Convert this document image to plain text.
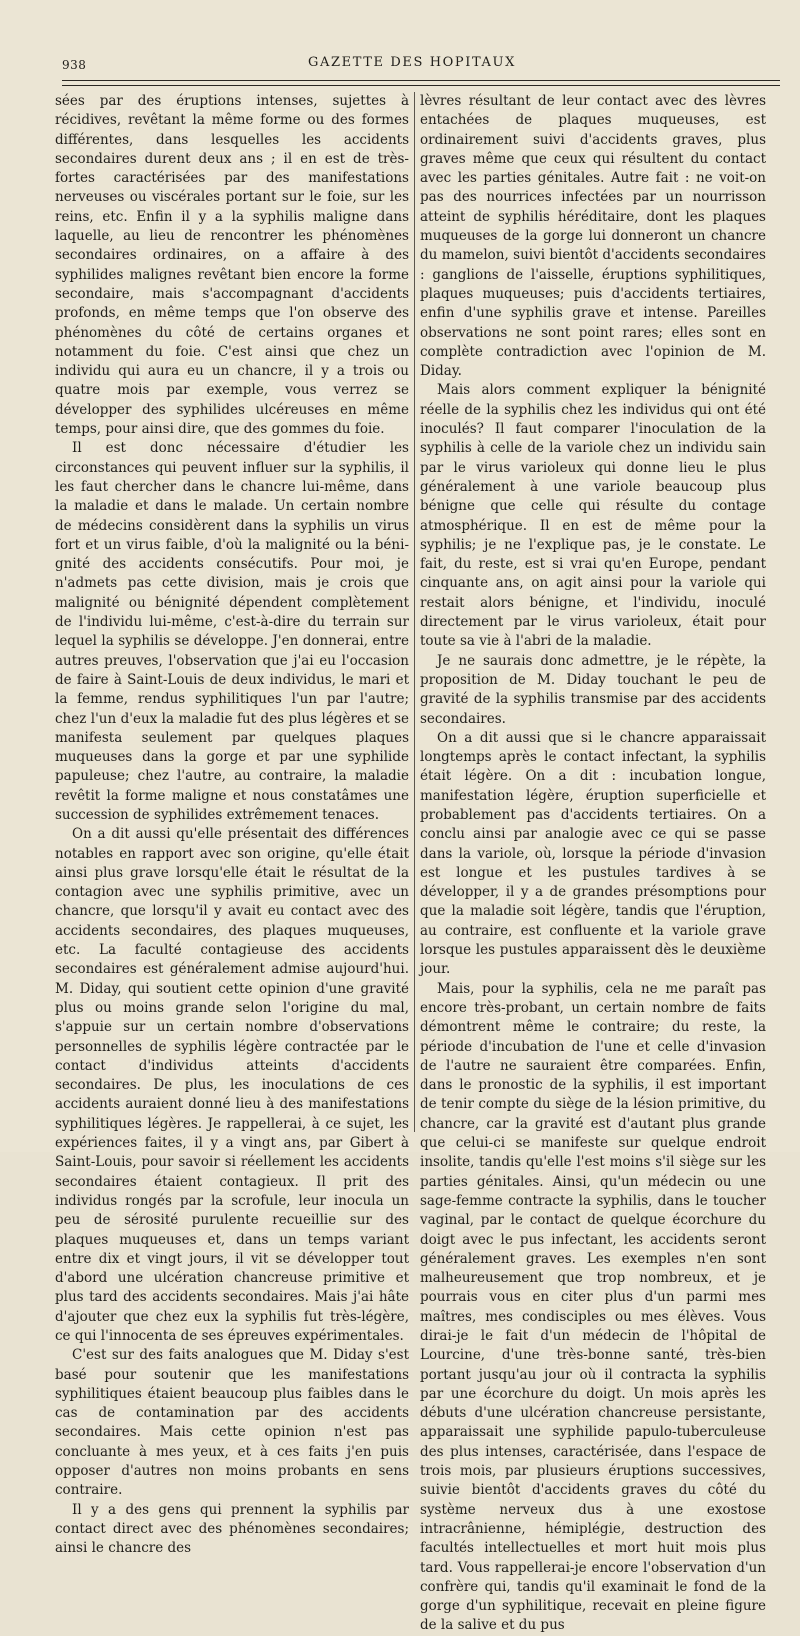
938	GAZETTE DES HOPITAUX

sées par des éruptions intenses, sujettes à récidives, revêtant la même forme ou des formes différentes, dans lesquelles les accidents secondaires durent deux ans ; il en est de très-fortes caractérisées par des manifestations nerveuses ou viscérales portant sur le foie, sur les reins, etc. Enfin il y a la syphilis maligne dans laquelle, au lieu de rencontrer les phénomènes secondaires ordinaires, on a affaire à des syphilides malignes revêtant bien encore la forme secondaire, mais s'accompagnant d'accidents profonds, en même temps que l'on observe des phénomènes du côté de certains organes et notamment du foie. C'est ainsi que chez un individu qui aura eu un chancre, il y a trois ou quatre mois par exemple, vous verrez se développer des syphilides ulcéreuses en même temps, pour ainsi dire, que des gommes du foie.

Il est donc nécessaire d'étudier les circonstances qui peuvent influer sur la syphilis, il les faut chercher dans le chancre lui-même, dans la maladie et dans le malade. Un certain nombre de médecins considèrent dans la syphilis un virus fort et un virus faible, d'où la malignité ou la bénignité des accidents consécutifs. Pour moi, je n'admets pas cette division, mais je crois que malignité ou bénignité dépendent complètement de l'individu lui-même, c'est-à-dire du terrain sur lequel la syphilis se développe. J'en donnerai, entre autres preuves, l'observation que j'ai eu l'occasion de faire à Saint-Louis de deux individus, le mari et la femme, rendus syphilitiques l'un par l'autre; chez l'un d'eux la maladie fut des plus légères et se manifesta seulement par quelques plaques muqueuses dans la gorge et par une syphilide papuleuse; chez l'autre, au contraire, la maladie revêtit la forme maligne et nous constatâmes une succession de syphilides extrêmement tenaces.

On a dit aussi qu'elle présentait des différences notables en rapport avec son origine, qu'elle était ainsi plus grave lorsqu'elle était le résultat de la contagion avec une syphilis primitive, avec un chancre, que lorsqu'il y avait eu contact avec des accidents secondaires, des plaques muqueuses, etc. La faculté contagieuse des accidents secondaires est généralement admise aujourd'hui. M. Diday, qui soutient cette opinion d'une gravité plus ou moins grande selon l'origine du mal, s'appuie sur un certain nombre d'observations personnelles de syphilis légère contractée par le contact d'individus atteints d'accidents secondaires. De plus, les inoculations de ces accidents auraient donné lieu à des manifestations syphilitiques légères. Je rappellerai, à ce sujet, les expériences faites, il y a vingt ans, par Gibert à Saint-Louis, pour savoir si réellement les accidents secondaires étaient contagieux. Il prit des individus rongés par la scrofule, leur inocula un peu de sérosité purulente recueillie sur des plaques muqueuses et, dans un temps variant entre dix et vingt jours, il vit se développer tout d'abord une ulcération chancreuse primitive et plus tard des accidents secondaires. Mais j'ai hâte d'ajouter que chez eux la syphilis fut très-légère, ce qui l'innocenta de ses épreuves expérimentales.

C'est sur des faits analogues que M. Diday s'est basé pour soutenir que les manifestations syphilitiques étaient beaucoup plus faibles dans le cas de contamination par des accidents secondaires. Mais cette opinion n'est pas concluante à mes yeux, et à ces faits j'en puis opposer d'autres non moins probants en sens contraire.

Il y a des gens qui prennent la syphilis par contact direct avec des phénomènes secondaires; ainsi le chancre des

lèvres résultant de leur contact avec des lèvres entachées de plaques muqueuses, est ordinairement suivi d'accidents graves, plus graves même que ceux qui résultent du contact avec les parties génitales. Autre fait : ne voit-on pas des nourrices infectées par un nourrisson atteint de syphilis héréditaire, dont les plaques muqueuses de la gorge lui donneront un chancre du mamelon, suivi bientôt d'accidents secondaires : ganglions de l'aisselle, éruptions syphilitiques, plaques muqueuses; puis d'accidents tertiaires, enfin d'une syphilis grave et intense. Pareilles observations ne sont point rares; elles sont en complète contradiction avec l'opinion de M. Diday.

Mais alors comment expliquer la bénignité réelle de la syphilis chez les individus qui ont été inoculés? Il faut comparer l'inoculation de la syphilis à celle de la variole chez un individu sain par le virus varioleux qui donne lieu le plus généralement à une variole beaucoup plus bénigne que celle qui résulte du contage atmosphérique. Il en est de même pour la syphilis; je ne l'explique pas, je le constate. Le fait, du reste, est si vrai qu'en Europe, pendant cinquante ans, on agit ainsi pour la variole qui restait alors bénigne, et l'individu, inoculé directement par le virus varioleux, était pour toute sa vie à l'abri de la maladie.

Je ne saurais donc admettre, je le répète, la proposition de M. Diday touchant le peu de gravité de la syphilis transmise par des accidents secondaires.

On a dit aussi que si le chancre apparaissait longtemps après le contact infectant, la syphilis était légère. On a dit : incubation longue, manifestation légère, éruption superficielle et probablement pas d'accidents tertiaires. On a conclu ainsi par analogie avec ce qui se passe dans la variole, où, lorsque la période d'invasion est longue et les pustules tardives à se développer, il y a de grandes présomptions pour que la maladie soit légère, tandis que l'éruption, au contraire, est confluente et la variole grave lorsque les pustules apparaissent dès le deuxième jour.

Mais, pour la syphilis, cela ne me paraît pas encore très-probant, un certain nombre de faits démontrent même le contraire; du reste, la période d'incubation de l'une et celle d'invasion de l'autre ne sauraient être comparées. Enfin, dans le pronostic de la syphilis, il est important de tenir compte du siège de la lésion primitive, du chancre, car la gravité est d'autant plus grande que celui-ci se manifeste sur quelque endroit insolite, tandis qu'elle l'est moins s'il siège sur les parties génitales. Ainsi, qu'un médecin ou une sage-femme contracte la syphilis, dans le toucher vaginal, par le contact de quelque écorchure du doigt avec le pus infectant, les accidents seront généralement graves. Les exemples n'en sont malheureusement que trop nombreux, et je pourrais vous en citer plus d'un parmi mes maîtres, mes condisciples ou mes élèves. Vous dirai-je le fait d'un médecin de l'hôpital de Lourcine, d'une très-bonne santé, très-bien portant jusqu'au jour où il contracta la syphilis par une écorchure du doigt. Un mois après les débuts d'une ulcération chancreuse persistante, apparaissait une syphilide papulo-tuberculeuse des plus intenses, caractérisée, dans l'espace de trois mois, par plusieurs éruptions successives, suivie bientôt d'accidents graves du côté du système nerveux dus à une exostose intracrânienne, hémiplégie, destruction des facultés intellectuelles et mort huit mois plus tard. Vous rappellerai-je encore l'observation d'un confrère qui, tandis qu'il examinait le fond de la gorge d'un syphilitique, recevait en pleine figure de la salive et du pus
